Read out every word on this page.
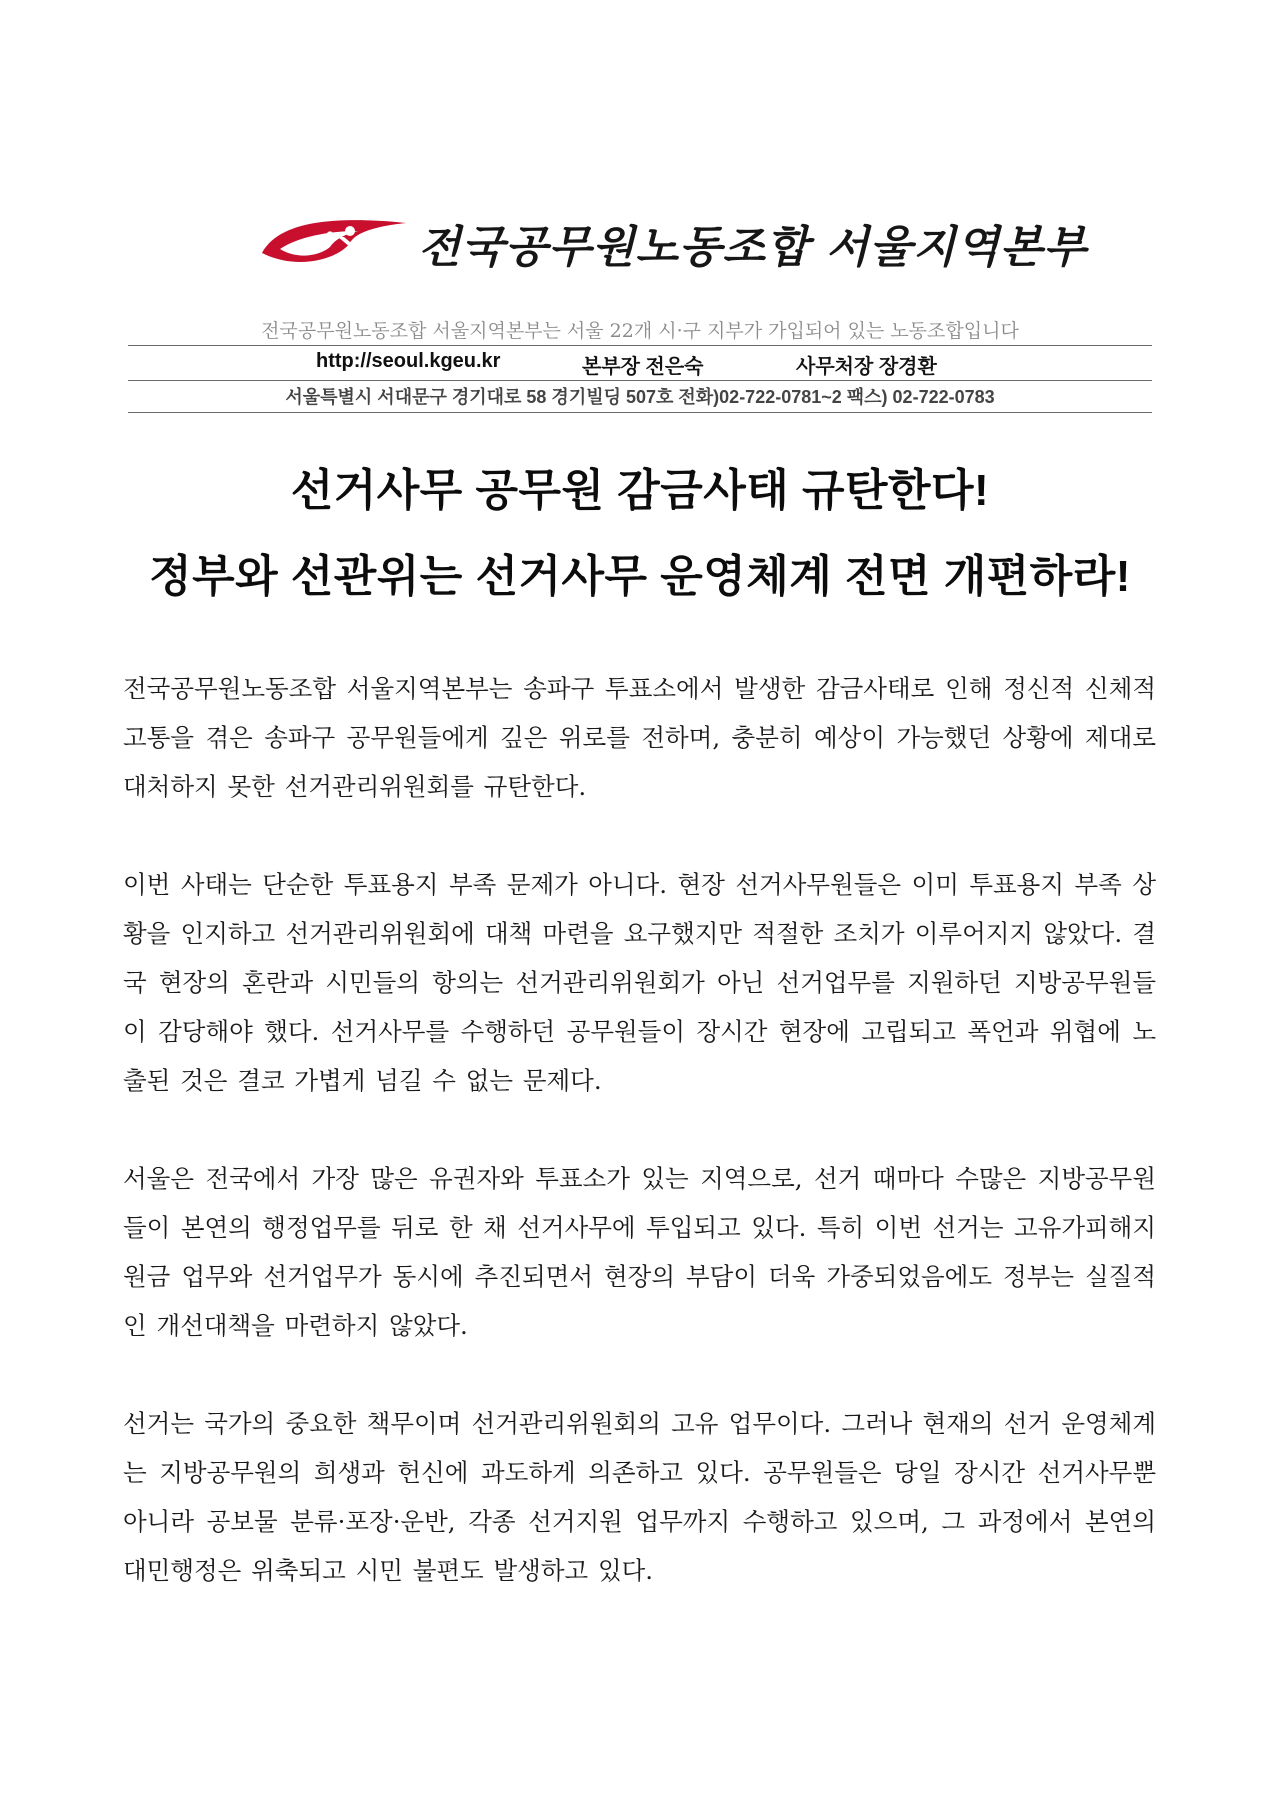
전국공무원노동조합 서울지역본부
전국공무원노동조합 서울지역본부는 서울 22개 시·구 지부가 가입되어 있는 노동조합입니다
http://seoul.kgeu.kr	본부장 전은숙	사무처장 장경환
서울특별시 서대문구 경기대로 58 경기빌딩 507호 전화)02-722-0781~2 팩스) 02-722-0783
선거사무 공무원 감금사태 규탄한다!
정부와 선관위는 선거사무 운영체계 전면 개편하라!

전국공무원노동조합 서울지역본부는 송파구 투표소에서 발생한 감금사태로 인해 정신적 신체적 고통을 겪은 송파구 공무원들에게 깊은 위로를 전하며, 충분히 예상이 가능했던 상황에 제대로 대처하지 못한 선거관리위원회를 규탄한다.

이번 사태는 단순한 투표용지 부족 문제가 아니다. 현장 선거사무원들은 이미 투표용지 부족 상황을 인지하고 선거관리위원회에 대책 마련을 요구했지만 적절한 조치가 이루어지지 않았다. 결국 현장의 혼란과 시민들의 항의는 선거관리위원회가 아닌 선거업무를 지원하던 지방공무원들이 감당해야 했다. 선거사무를 수행하던 공무원들이 장시간 현장에 고립되고 폭언과 위협에 노출된 것은 결코 가볍게 넘길 수 없는 문제다.

서울은 전국에서 가장 많은 유권자와 투표소가 있는 지역으로, 선거 때마다 수많은 지방공무원들이 본연의 행정업무를 뒤로 한 채 선거사무에 투입되고 있다. 특히 이번 선거는 고유가피해지원금 업무와 선거업무가 동시에 추진되면서 현장의 부담이 더욱 가중되었음에도 정부는 실질적인 개선대책을 마련하지 않았다.

선거는 국가의 중요한 책무이며 선거관리위원회의 고유 업무이다. 그러나 현재의 선거 운영체계는 지방공무원의 희생과 헌신에 과도하게 의존하고 있다. 공무원들은 당일 장시간 선거사무뿐 아니라 공보물 분류·포장·운반, 각종 선거지원 업무까지 수행하고 있으며, 그 과정에서 본연의 대민행정은 위축되고 시민 불편도 발생하고 있다.
